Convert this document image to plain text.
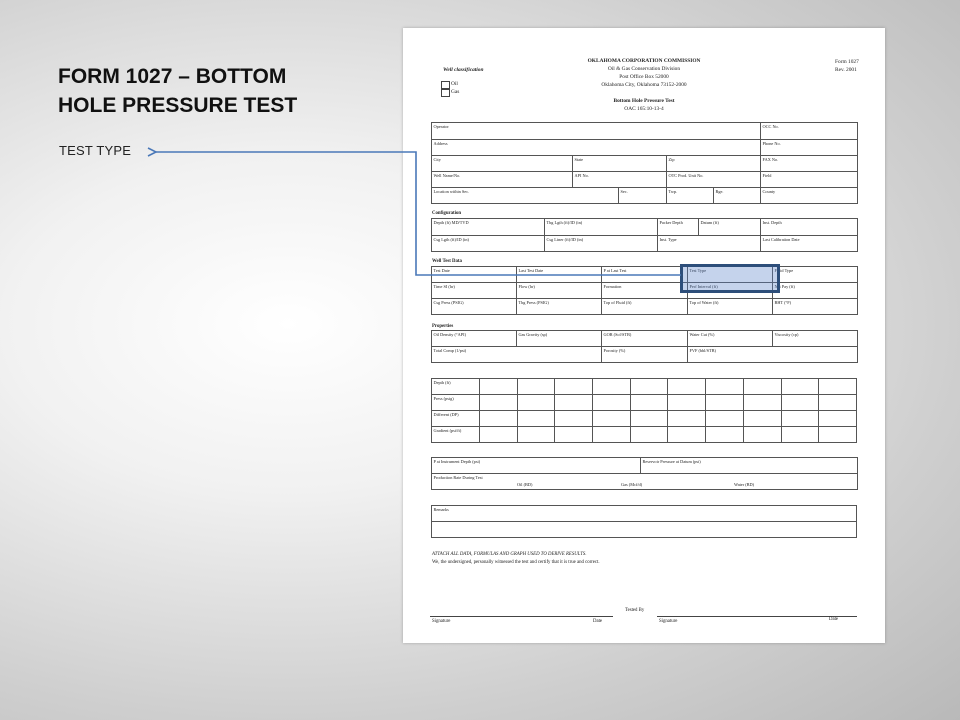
FORM 1027 – BOTTOM
HOLE PRESSURE TEST
TEST TYPE
Well classification
Oil
Gas
OKLAHOMA CORPORATION COMMISSION
Oil & Gas Conservation Division
Post Office Box 52000
Oklahoma City, Oklahoma 73152-2000
Bottom Hole Pressure Test
OAC 165:10-13-4
Form 1027
Rev. 2001
Operator					OCC No.
Address					Phone No.
City	State		Zip		FAX No.
Well Name/No.	API No.		OTC Prod. Unit No.		Field
Location within Sec.		Sec.	Twp.	Rge.	County
Configuration
Depth (ft) MD/TVD	Tbg Lgth (ft)/ID (in)	Packer Depth	Datum (ft)	Inst. Depth
Csg Lgth (ft)/ID (in)	Csg Liner (ft)/ID (in)	Inst. Type		Last Calibration Date
Well Test Data
Test Date	Last Test Date	P at Last Test	Test Type	Fluid Type
Time SI (hr)	Flow (hr)	Formation	Perf Interval (ft)	Net Pay (ft)
Csg Press (PSIG)	Tbg Press (PSIG)	Top of Fluid (ft)	Top of Water (ft)	BHT (°F)
Properties
Oil Density (°API)	Gas Gravity (sp)	GOR (Scf/STB)	Water Cut (%)	Viscosity (cp)
Total Comp (1/psi)		Porosity (%)	FVF (bbl/STB)	
Depth (ft)										
Press (psig)										
Different (DP)										
Gradient (psi/ft)										
P at Instrument Depth (psi)	Reservoir Pressure at Datum (psi)
Production Rate During Test
Oil (BD)	Gas (Mcf/d)	Water (BD)
Remarks

ATTACH ALL DATA, FORMULAS AND GRAPH USED TO DERIVE RESULTS.
We, the undersigned, personally witnessed the test and certify that it is true and correct.
Tested By
Signature	Date	Signature	Date
